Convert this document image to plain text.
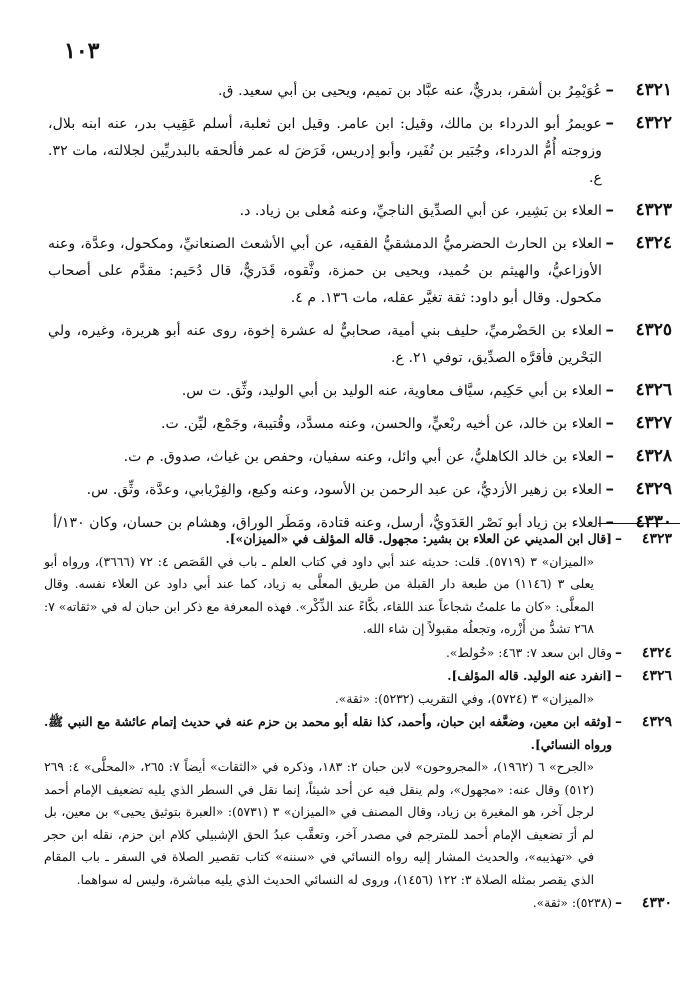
١٠٣
٤٣٢١
–

عُوَيْمِرُ بن أشقر، بدريٌّ، عنه عبَّاد بن تميم، ويحيى بن أبي سعيد. ق.

٤٣٢٢
–

عويمرُ أبو الدرداء بن مالك، وقيل: ابن عامر. وقيل ابن ثعلبة، أسلم عَقِيب بدر، عنه ابنه بلال، وزوجته أُمُّ الدرداء، وجُبَير بن نُفَير، وأبو إدريس، فَرَضَ له عمر فألحقه بالبدريِّين لجلالته، مات ٣٢. ع.

٤٣٢٣
–

العلاء بن بَشِير، عن أبي الصدِّيق الناجيِّ، وعنه مُعلى بن زياد. د.

٤٣٢٤
–

العلاء بن الحارث الحضرميُّ الدمشقيُّ الفقيه، عن أبي الأشعث الصنعانيِّ، ومكحول، وعدَّة، وعنه الأوزاعيُّ، والهيثم بن حُميد، ويحيى بن حمزة، وثَّقوه، قَدَريٌّ، قال دُحَيم: مقدَّم على أصحاب مكحول. وقال أبو داود: ثقة تغيَّر عقله، مات ١٣٦. م ٤.

٤٣٢٥
–

العلاء بن الحَضْرميِّ، حليف بني أمية، صحابيٌّ له عشرة إخوة، روى عنه أبو هريرة، وغيره، ولي البَحْرين فأقرَّه الصدِّيق، توفي ٢١. ع.

٤٣٢٦
–

العلاء بن أبي حَكِيم، سيَّاف معاوية، عنه الوليد بن أبي الوليد، وثِّق. ت س.

٤٣٢٧
–

العلاء بن خالد، عن أخيه ربْعيٍّ، والحسن، وعنه مسدَّد، وقُتيبة، وجَمْع، ليِّن. ت.

٤٣٢٨
–

العلاء بن خالد الكاهليُّ، عن أبي وائل، وعنه سفيان، وحفص بن غياث، صدوق. م ت.

٤٣٢٩
–

العلاء بن زهير الأزديُّ، عن عبد الرحمن بن الأسود، وعنه وكيع، والفِرْيابي، وعدَّة، وثِّق. س.

٤٣٣٠
–

العلاء بن زياد أبو نَصْر العَدَويُّ، أرسل، وعنه قتادة، ومَطَر الوراق، وهشام بن حسان، وكان ١٣٠/أ

٤٣٢٣
–

[قال ابن المديني عن العلاء بن بشير: مجهول. قاله المؤلف في «الميزان»].

«الميزان» ٣ (٥٧١٩). قلت: حديثه عند أبي داود في كتاب العلم ـ باب في القَصَص ٤: ٧٢ (٣٦٦٦)، ورواه أبو يعلى ٣ (١١٤٦) من طبعة دار القبلة من طريق المعلَّى به زياد، كما عند أبي داود عن العلاء نفسه. وقال المعلَّى: «كان ما علمتُ شجاعاً عند اللقاء، بكَّاءً عند الذِّكْر». فهذه المعرفة مع ذكر ابن حبان له في «ثقاته» ٧: ٢٦٨ تشدُّ من أَزْره، وتجعلُه مقبولاً إن شاء الله.

٤٣٢٤
–

وقال ابن سعد ٧: ٤٦٣: «خُولط».

٤٣٢٦
–

[انفرد عنه الوليد. قاله المؤلف].

«الميزان» ٣ (٥٧٢٤)، وفي التقريب (٥٢٣٢): «ثقة».

٤٣٢٩
–

[وثقه ابن معين، وضعَّفه ابن حبان، وأحمد، كذا نقله أبو محمد بن حزم عنه في حديث إتمام عائشة مع النبي ﷺ. ورواه النسائي].

«الجرح» ٦ (١٩٦٢)، «المجروحون» لابن حبان ٢: ١٨٣، وذكره في «الثقات» أيضاً ٧: ٢٦٥، «المحلَّى» ٤: ٢٦٩ (٥١٢) وقال عنه: «مجهول»، ولم ينقل فيه عن أحد شيئاً، إنما نقل في السطر الذي يليه تضعيف الإمام أحمد لرجل آخر، هو المغيرة بن زياد، وقال المصنف في «الميزان» ٣ (٥٧٣١): «العبرة بتوثيق يحيى» بن معين، بل لم أرَ تضعيف الإمام أحمد للمترجم في مصدر آخر، وتعقَّب عبدُ الحق الإشبيلي كلام ابن حزم، نقله ابن حجر في «تهذيبه»، والحديث المشار إليه رواه النسائي في «سننه» كتاب تقصير الصلاة في السفر ـ باب المقام الذي يقصر بمثله الصلاة ٣: ١٢٢ (١٤٥٦)، وروى له النسائي الحديث الذي يليه مباشرة، وليس له سواهما.

٤٣٣٠
–

(٥٢٣٨): «ثقة».
